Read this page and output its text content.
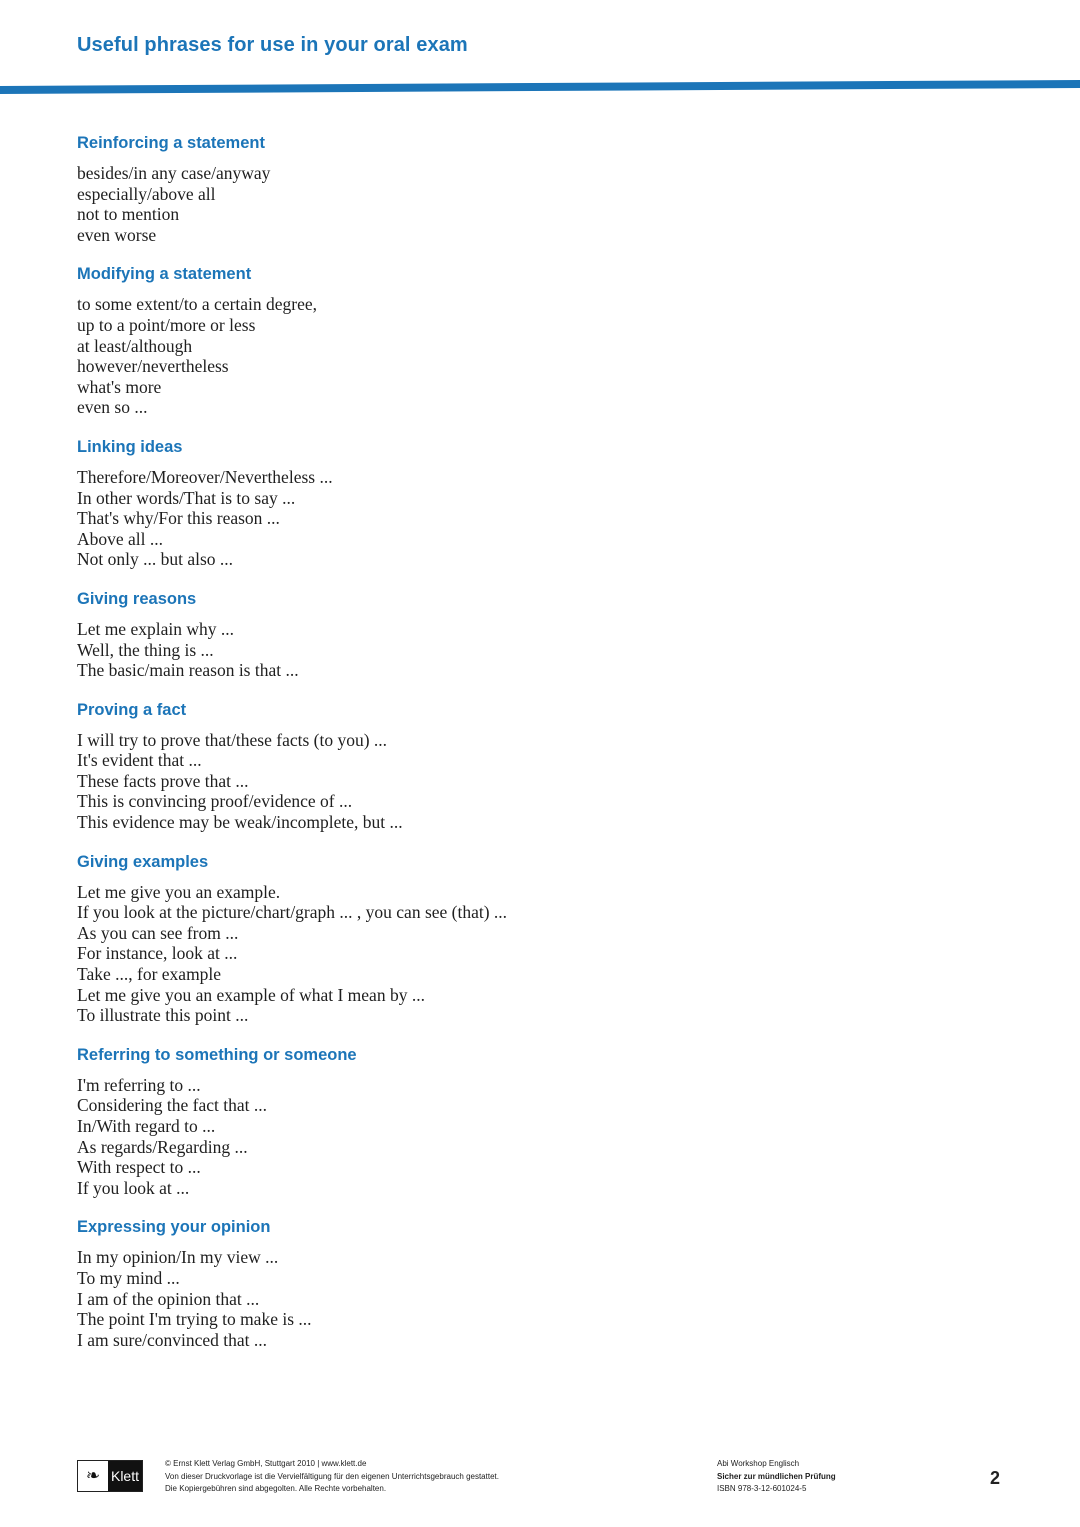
Useful phrases for use in your oral exam
Reinforcing a statement
besides/in any case/anyway
especially/above all
not to mention
even worse
Modifying a statement
to some extent/to a certain degree,
up to a point/more or less
at least/although
however/nevertheless
what's more
even so ...
Linking ideas
Therefore/Moreover/Nevertheless ...
In other words/That is to say ...
That's why/For this reason ...
Above all ...
Not only ... but also ...
Giving reasons
Let me explain why ...
Well, the thing is ...
The basic/main reason is that ...
Proving a fact
I will try to prove that/these facts (to you) ...
It's evident that ...
These facts prove that ...
This is convincing proof/evidence of ...
This evidence may be weak/incomplete, but ...
Giving examples
Let me give you an example.
If you look at the picture/chart/graph ... , you can see (that) ...
As you can see from ...
For instance, look at ...
Take ..., for example
Let me give you an example of what I mean by ...
To illustrate this point ...
Referring to something or someone
I'm referring to ...
Considering the fact that ...
In/With regard to ...
As regards/Regarding ...
With respect to ...
If you look at ...
Expressing your opinion
In my opinion/In my view ...
To my mind ...
I am of the opinion that ...
The point I'm trying to make is ...
I am sure/convinced that ...
❧ Klett
© Ernst Klett Verlag GmbH, Stuttgart 2010 | www.klett.de
Von dieser Druckvorlage ist die Vervielfältigung für den eigenen Unterrichtsgebrauch gestattet.
Die Kopiergebühren sind abgegolten. Alle Rechte vorbehalten.
Abi Workshop Englisch
Sicher zur mündlichen Prüfung
ISBN 978-3-12-601024-5
2
